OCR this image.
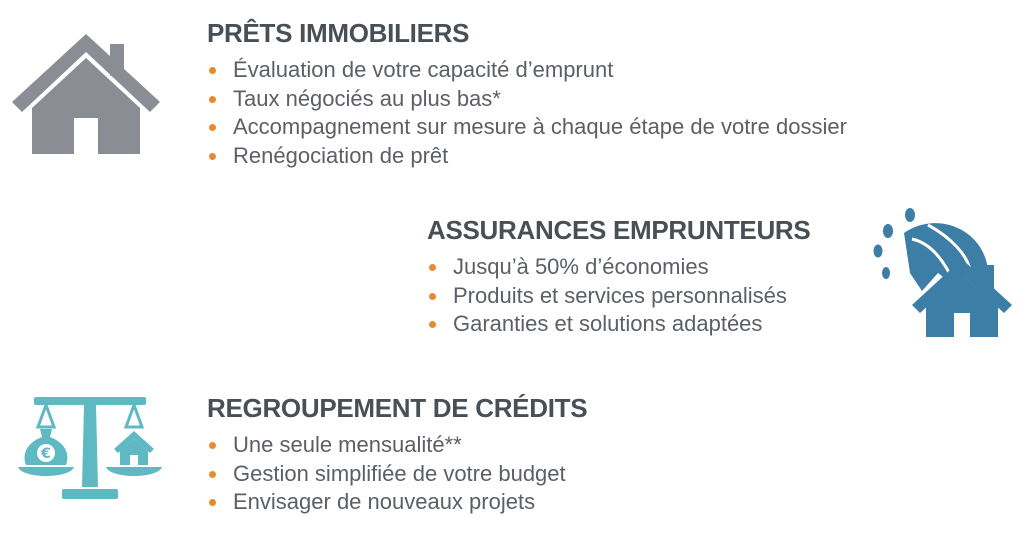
PRÊTS IMMOBILIERS
Évaluation de votre capacité d’emprunt
Taux négociés au plus bas*
Accompagnement sur mesure à chaque étape de votre dossier
Renégociation de prêt
ASSURANCES EMPRUNTEURS
Jusqu’à 50% d’économies
Produits et services personnalisés
Garanties et solutions adaptées
€
REGROUPEMENT DE CRÉDITS
Une seule mensualité**
Gestion simplifiée de votre budget
Envisager de nouveaux projets
